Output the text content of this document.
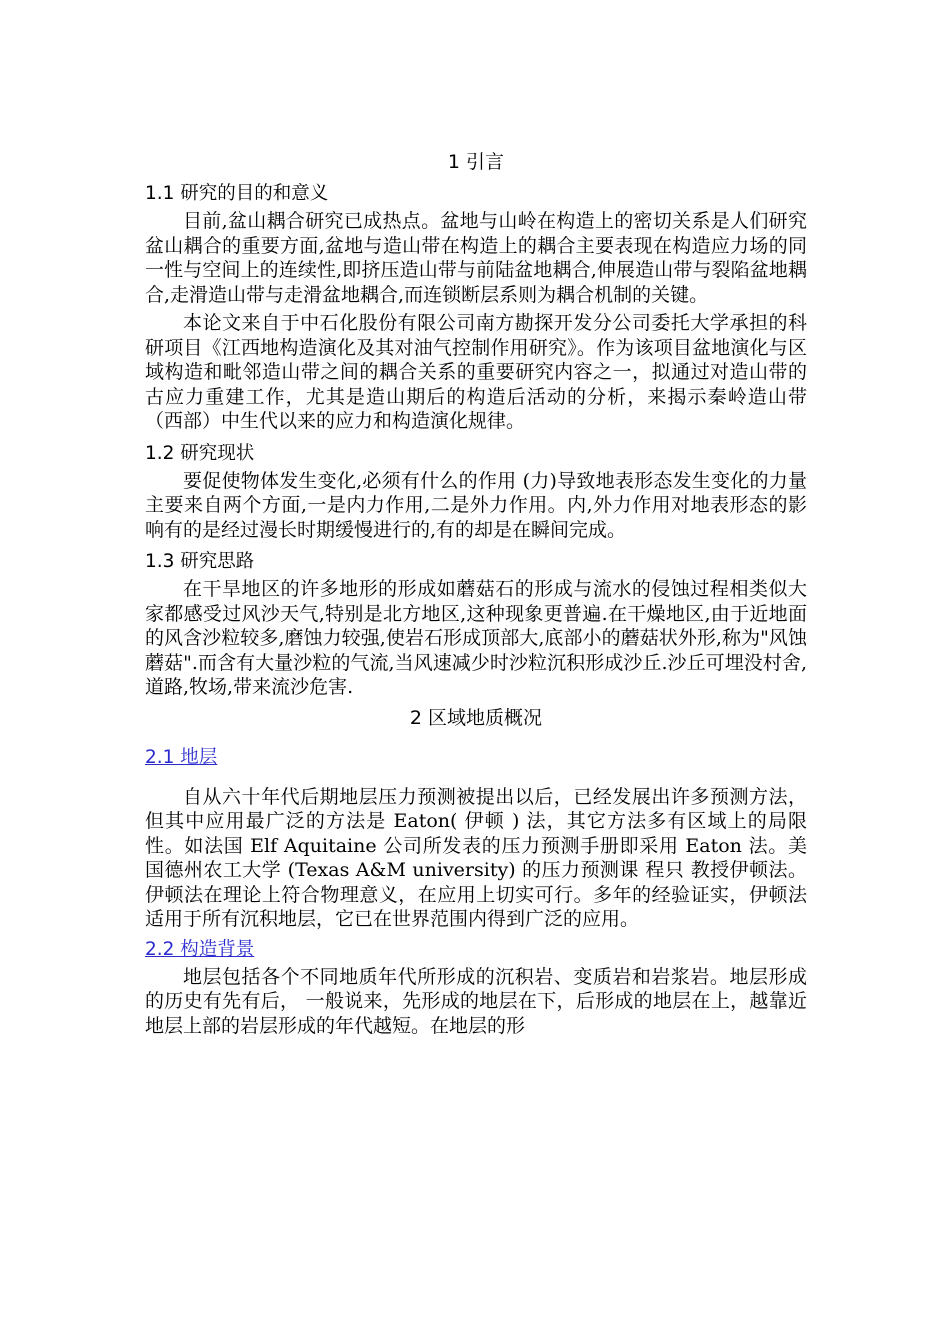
1 引言
1.1 研究的目的和意义

目前,盆山耦合研究已成热点。盆地与山岭在构造上的密切关系是人们研究盆山耦合的重要方面,盆地与造山带在构造上的耦合主要表现在构造应力场的同一性与空间上的连续性,即挤压造山带与前陆盆地耦合,伸展造山带与裂陷盆地耦合,走滑造山带与走滑盆地耦合,而连锁断层系则为耦合机制的关键。

本论文来自于中石化股份有限公司南方勘探开发分公司委托大学承担的科研项目《江西地构造演化及其对油气控制作用研究》。作为该项目盆地演化与区域构造和毗邻造山带之间的耦合关系的重要研究内容之一，拟通过对造山带的古应力重建工作，尤其是造山期后的构造后活动的分析，来揭示秦岭造山带（西部）中生代以来的应力和构造演化规律。

1.2 研究现状

要促使物体发生变化,必须有什么的作用 (力)导致地表形态发生变化的力量主要来自两个方面,一是内力作用,二是外力作用。内,外力作用对地表形态的影响有的是经过漫长时期缓慢进行的,有的却是在瞬间完成。

1.3 研究思路

在干旱地区的许多地形的形成如蘑菇石的形成与流水的侵蚀过程相类似大家都感受过风沙天气,特别是北方地区,这种现象更普遍.在干燥地区,由于近地面的风含沙粒较多,磨蚀力较强,使岩石形成顶部大,底部小的蘑菇状外形,称为"风蚀蘑菇".而含有大量沙粒的气流,当风速减少时沙粒沉积形成沙丘.沙丘可埋没村舍,道路,牧场,带来流沙危害.

2 区域地质概况
2.1 地层

自从六十年代后期地层压力预测被提出以后，已经发展出许多预测方法，但其中应用最广泛的方法是 Eaton( 伊顿 ) 法，其它方法多有区域上的局限性。如法国 Elf Aquitaine 公司所发表的压力预测手册即采用 Eaton 法。美国德州农工大学 (Texas A&M university) 的压力预测课 程只 教授伊顿法。伊顿法在理论上符合物理意义，在应用上切实可行。多年的经验证实，伊顿法适用于所有沉积地层，它已在世界范围内得到广泛的应用。

2.2 构造背景

地层包括各个不同地质年代所形成的沉积岩、变质岩和岩浆岩。地层形成的历史有先有后， 一般说来，先形成的地层在下，后形成的地层在上，越靠近地层上部的岩层形成的年代越短。在地层的形
